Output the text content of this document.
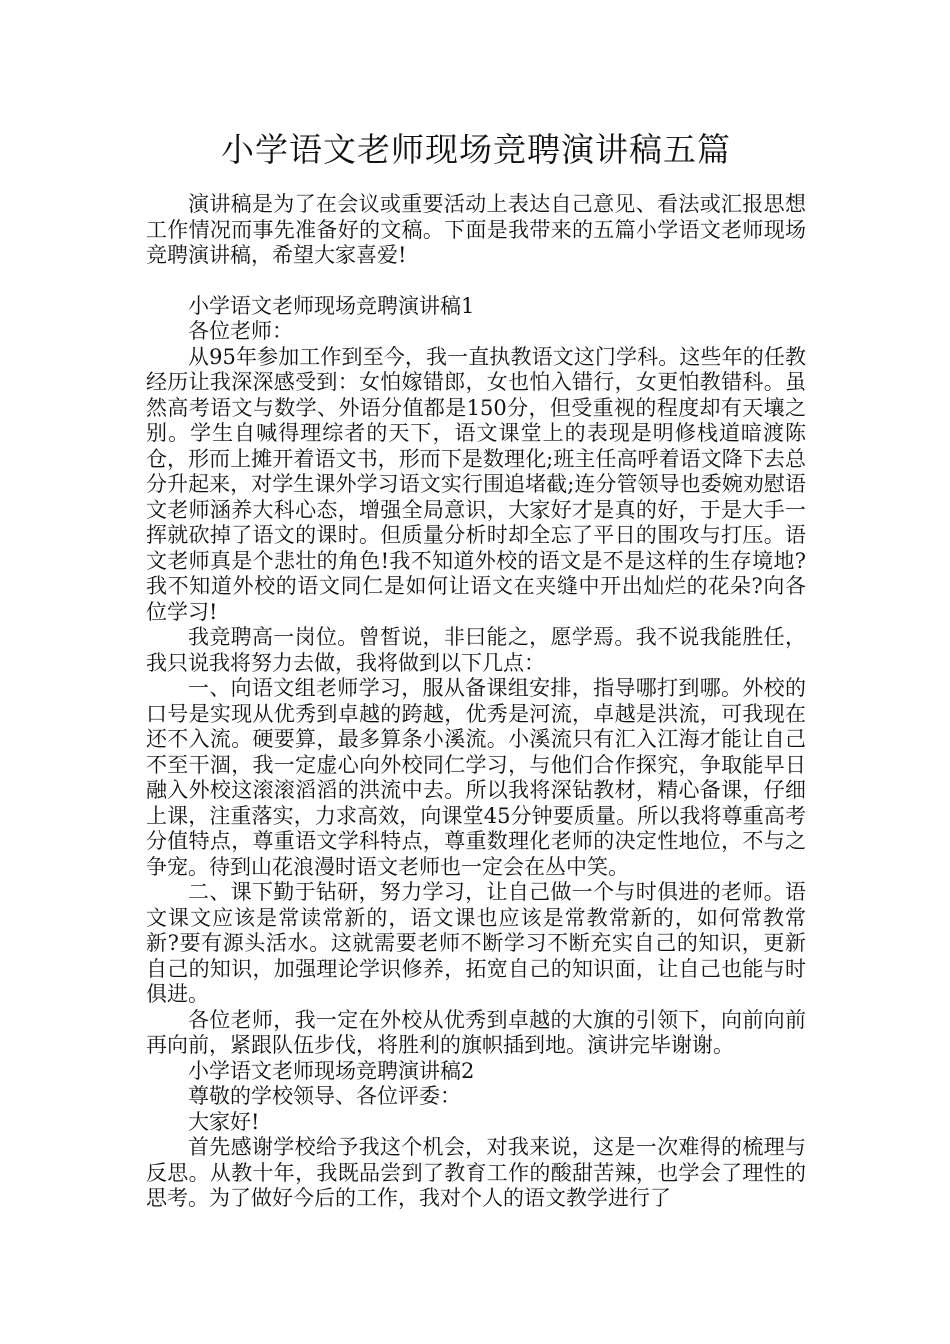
小学语文老师现场竞聘演讲稿五篇

演讲稿是为了在会议或重要活动上表达自己意见、看法或汇报思想工作情况而事先准备好的文稿。下面是我带来的五篇小学语文老师现场竞聘演讲稿，希望大家喜爱!

小学语文老师现场竞聘演讲稿1

各位老师：

从95年参加工作到至今，我一直执教语文这门学科。这些年的任教经历让我深深感受到：女怕嫁错郎，女也怕入错行，女更怕教错科。虽然高考语文与数学、外语分值都是150分，但受重视的程度却有天壤之别。学生自喊得理综者的天下，语文课堂上的表现是明修栈道暗渡陈仓，形而上摊开着语文书，形而下是数理化;班主任高呼着语文降下去总分升起来，对学生课外学习语文实行围追堵截;连分管领导也委婉劝慰语文老师涵养大科心态，增强全局意识，大家好才是真的好，于是大手一挥就砍掉了语文的课时。但质量分析时却全忘了平日的围攻与打压。语文老师真是个悲壮的角色!我不知道外校的语文是不是这样的生存境地?我不知道外校的语文同仁是如何让语文在夹缝中开出灿烂的花朵?向各位学习!

我竞聘高一岗位。曾皙说，非曰能之，愿学焉。我不说我能胜任，我只说我将努力去做，我将做到以下几点：

一、向语文组老师学习，服从备课组安排，指导哪打到哪。外校的口号是实现从优秀到卓越的跨越，优秀是河流，卓越是洪流，可我现在还不入流。硬要算，最多算条小溪流。小溪流只有汇入江海才能让自己不至干涸，我一定虚心向外校同仁学习，与他们合作探究，争取能早日融入外校这滚滚滔滔的洪流中去。所以我将深钻教材，精心备课，仔细上课，注重落实，力求高效，向课堂45分钟要质量。所以我将尊重高考分值特点，尊重语文学科特点，尊重数理化老师的决定性地位，不与之争宠。待到山花浪漫时语文老师也一定会在丛中笑。

二、课下勤于钻研，努力学习，让自己做一个与时俱进的老师。语文课文应该是常读常新的，语文课也应该是常教常新的，如何常教常新?要有源头活水。这就需要老师不断学习不断充实自己的知识，更新自己的知识，加强理论学识修养，拓宽自己的知识面，让自己也能与时俱进。

各位老师，我一定在外校从优秀到卓越的大旗的引领下，向前向前再向前，紧跟队伍步伐，将胜利的旗帜插到地。演讲完毕谢谢。

小学语文老师现场竞聘演讲稿2

尊敬的学校领导、各位评委：

大家好!

首先感谢学校给予我这个机会，对我来说，这是一次难得的梳理与反思。从教十年，我既品尝到了教育工作的酸甜苦辣，也学会了理性的思考。为了做好今后的工作，我对个人的语文教学进行了
